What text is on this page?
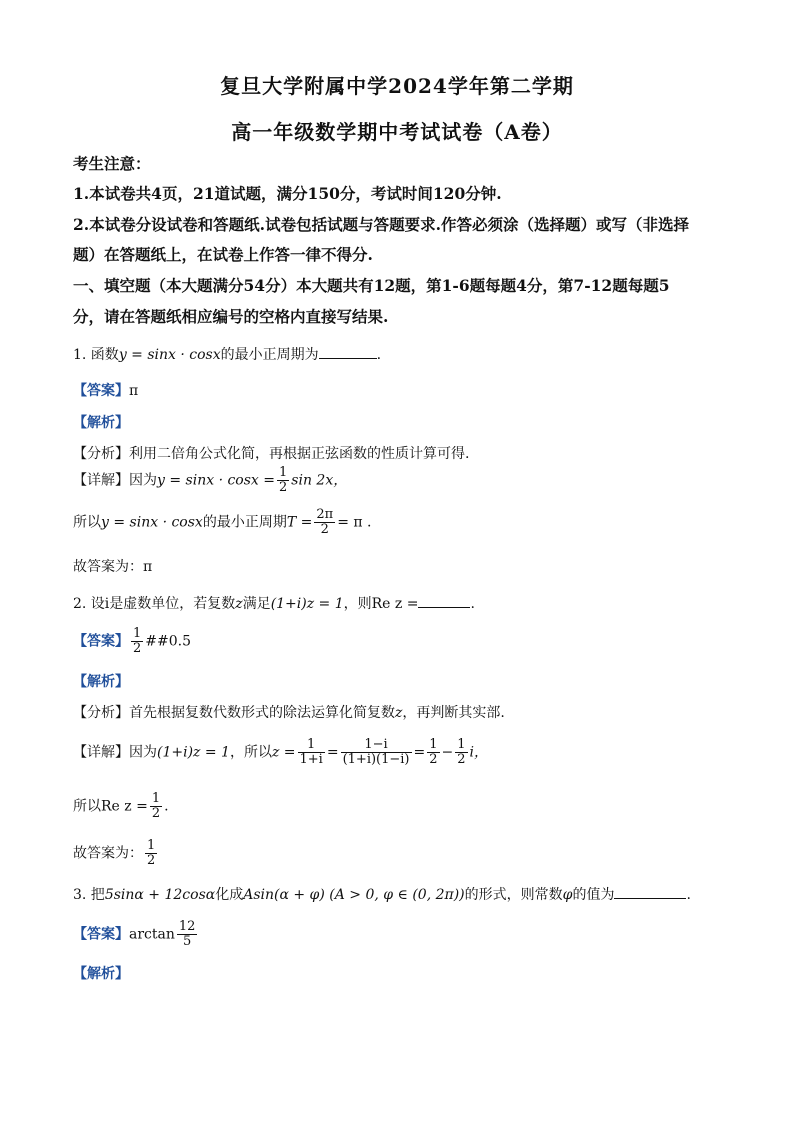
复旦大学附属中学2024学年第二学期
高一年级数学期中考试试卷（A卷）
考生注意：
1.本试卷共4页，21道试题，满分150分，考试时间120分钟.
2.本试卷分设试卷和答题纸.试卷包括试题与答题要求.作答必须涂（选择题）或写（非选择
题）在答题纸上，在试卷上作答一律不得分.
一、填空题（本大题满分54分）本大题共有12题，第1-6题每题4分，第7-12题每题5
分，请在答题纸相应编号的空格内直接写结果.
1. 函数y = sinx · cosx的最小正周期为	.
【答案】π
【解析】
【分析】利用二倍角公式化简，再根据正弦函数的性质计算可得.
【详解】因为$y = \sin x \cdot \cos x = \frac{1}{2}$ sin 2x，
所以y = sinx · cosx的最小正周期$T = \frac{2\pi}{2} = \pi$ .
故答案为：π
2. 设i是虚数单位，若复数z满足(1+i)z = 1，则Re z =	.
【答案】 $\frac{1}{2}$ ##0.5
【解析】
【分析】首先根据复数代数形式的除法运算化简复数z，再判断其实部.
【详解】因为(1+i)z = 1，所以$z = \frac{1}{1+i} = \frac{1-i}{(1+i)(1-i)} = \frac{1}{2} - \frac{1}{2}$ i，
所以Re $z = \frac{1}{2}$ .
故答案为： $\frac{1}{2}$
3. 把5sinα + 12cosα化成Asin(α + φ) (A > 0, φ ∈ (0, 2π))的形式，则常数φ的值为	.
【答案】$\arctan \frac{12}{5}$
【解析】
